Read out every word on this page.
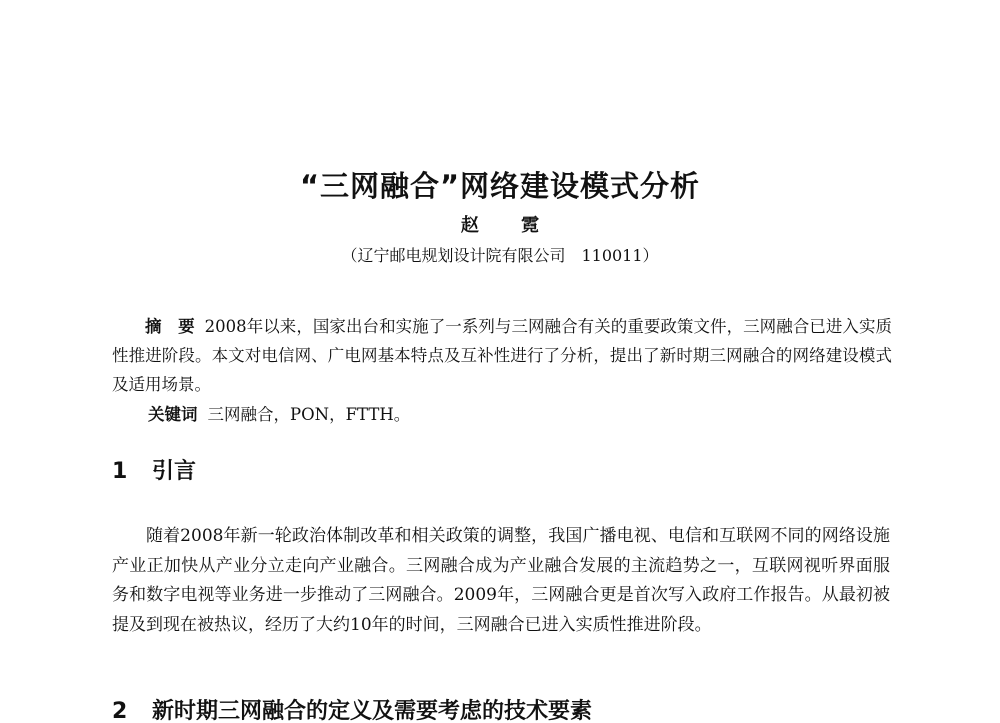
“三网融合”网络建设模式分析
赵 霓
（辽宁邮电规划设计院有限公司　110011）
摘　要 2008年以来，国家出台和实施了一系列与三网融合有关的重要政策文件，三网融合已进入实质性推进阶段。本文对电信网、广电网基本特点及互补性进行了分析，提出了新时期三网融合的网络建设模式及适用场景。
关键词 三网融合，PON，FTTH。
1 引言
随着2008年新一轮政治体制改革和相关政策的调整，我国广播电视、电信和互联网不同的网络设施产业正加快从产业分立走向产业融合。三网融合成为产业融合发展的主流趋势之一，互联网视听界面服务和数字电视等业务进一步推动了三网融合。2009年，三网融合更是首次写入政府工作报告。从最初被提及到现在被热议，经历了大约10年的时间，三网融合已进入实质性推进阶段。
2 新时期三网融合的定义及需要考虑的技术要素
